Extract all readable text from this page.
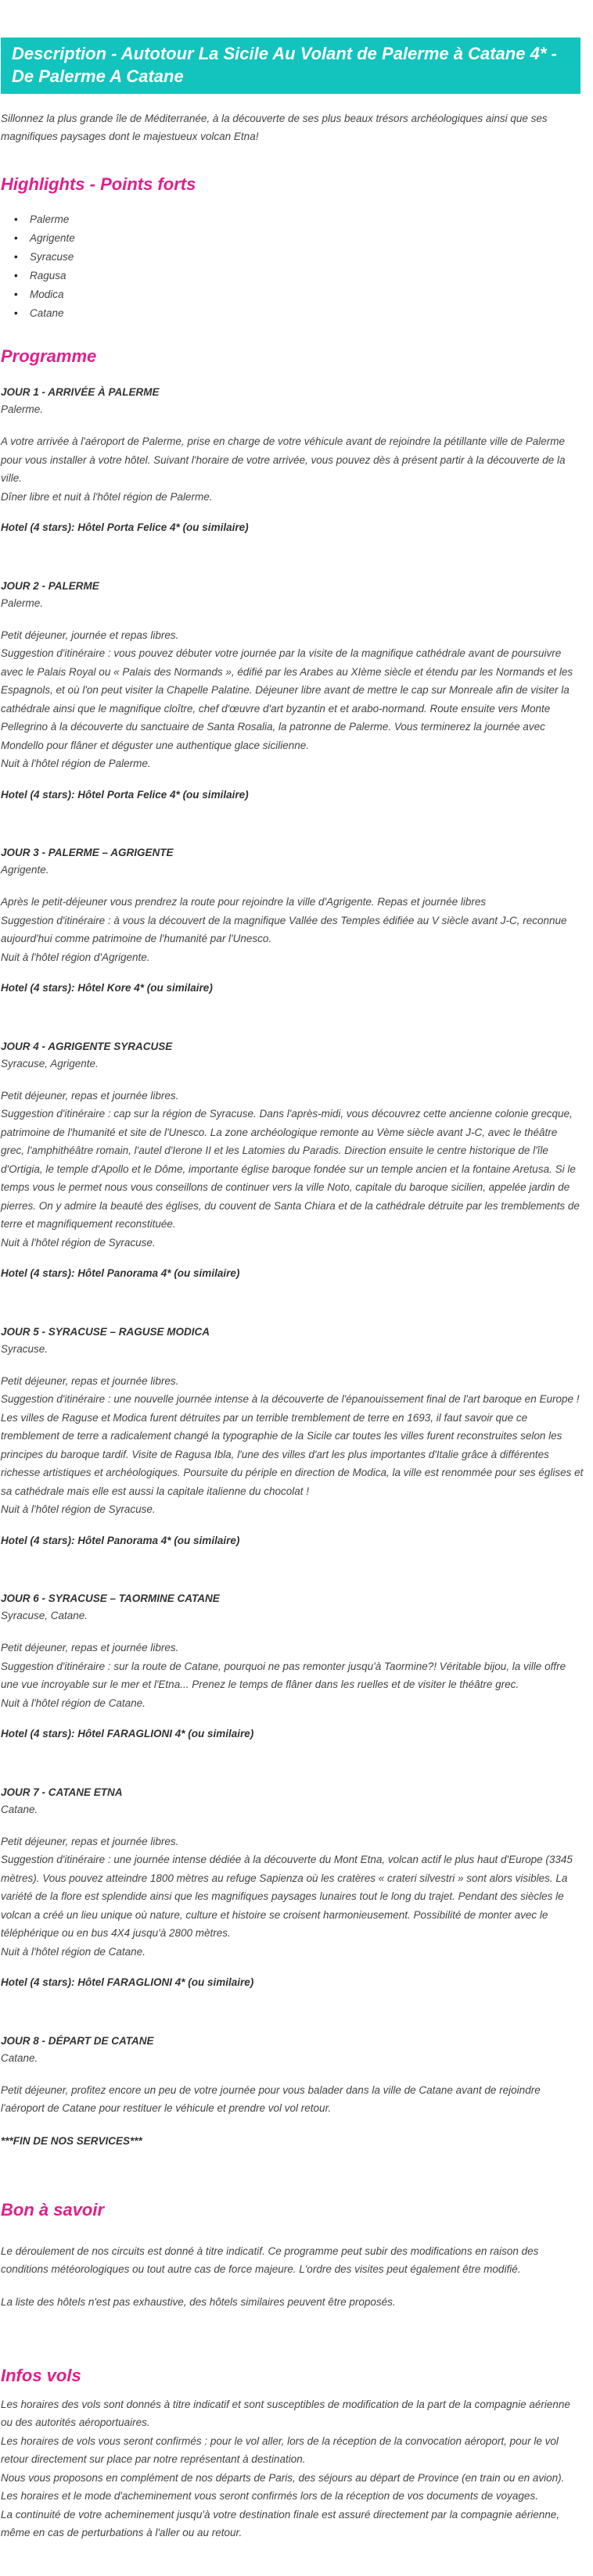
Description - Autotour La Sicile Au Volant de Palerme à Catane 4* - De Palerme A Catane
Sillonnez la plus grande île de Méditerranée, à la découverte de ses plus beaux trésors archéologiques ainsi que ses magnifiques paysages dont le majestueux volcan Etna!
Highlights - Points forts
• Palerme
• Agrigente
• Syracuse
• Ragusa
• Modica
• Catane
Programme
JOUR 1 - ARRIVÉE À PALERME
Palerme.

A votre arrivée à l'aéroport de Palerme, prise en charge de votre véhicule avant de rejoindre la pétillante ville de Palerme pour vous installer à votre hôtel. Suivant l'horaire de votre arrivée, vous pouvez dès à présent partir à la découverte de la ville.

Dîner libre et nuit à l'hôtel région de Palerme.

Hotel (4 stars): Hôtel Porta Felice 4* (ou similaire)

JOUR 2 - PALERME
Palerme.

Petit déjeuner, journée et repas libres.

Suggestion d'itinéraire : vous pouvez débuter votre journée par la visite de la magnifique cathédrale avant de poursuivre avec le Palais Royal ou « Palais des Normands », édifié par les Arabes au XIème siècle et étendu par les Normands et les Espagnols, et où l'on peut visiter la Chapelle Palatine. Déjeuner libre avant de mettre le cap sur Monreale afin de visiter la cathédrale ainsi que le magnifique cloître, chef d'œuvre d'art byzantin et et arabo-normand. Route ensuite vers Monte Pellegrino à la découverte du sanctuaire de Santa Rosalia, la patronne de Palerme. Vous terminerez la journée avec Mondello pour flâner et déguster une authentique glace sicilienne.

Nuit à l'hôtel région de Palerme.

Hotel (4 stars): Hôtel Porta Felice 4* (ou similaire)

JOUR 3 - PALERME – AGRIGENTE
Agrigente.

Après le petit-déjeuner vous prendrez la route pour rejoindre la ville d'Agrigente. Repas et journée libres

Suggestion d'itinéraire : à vous la découvert de la magnifique Vallée des Temples édifiée au V siècle avant J-C, reconnue aujourd'hui comme patrimoine de l'humanité par l'Unesco.

Nuit à l'hôtel région d'Agrigente.

Hotel (4 stars): Hôtel Kore 4* (ou similaire)

JOUR 4 - AGRIGENTE SYRACUSE
Syracuse, Agrigente.

Petit déjeuner, repas et journée libres.

Suggestion d'itinéraire : cap sur la région de Syracuse. Dans l'après-midi, vous découvrez cette ancienne colonie grecque, patrimoine de l'humanité et site de l'Unesco. La zone archéologique remonte au Vème siècle avant J-C, avec le théâtre grec, l'amphithéâtre romain, l'autel d'Ierone II et les Latomies du Paradis. Direction ensuite le centre historique de l'île d'Ortigia, le temple d'Apollo et le Dôme, importante église baroque fondée sur un temple ancien et la fontaine Aretusa. Si le temps vous le permet nous vous conseillons de continuer vers la ville Noto, capitale du baroque sicilien, appelée jardin de pierres. On y admire la beauté des églises, du couvent de Santa Chiara et de la cathédrale détruite par les tremblements de terre et magnifiquement reconstituée.

Nuit à l'hôtel région de Syracuse.

Hotel (4 stars): Hôtel Panorama 4* (ou similaire)

JOUR 5 - SYRACUSE – RAGUSE MODICA
Syracuse.

Petit déjeuner, repas et journée libres.

Suggestion d'itinéraire : une nouvelle journée intense à la découverte de l'épanouissement final de l'art baroque en Europe ! Les villes de Raguse et Modica furent détruites par un terrible tremblement de terre en 1693, il faut savoir que ce tremblement de terre a radicalement changé la typographie de la Sicile car toutes les villes furent reconstruites selon les principes du baroque tardif. Visite de Ragusa Ibla, l'une des villes d'art les plus importantes d'Italie grâce à différentes richesse artistiques et archéologiques. Poursuite du périple en direction de Modica, la ville est renommée pour ses églises et sa cathédrale mais elle est aussi la capitale italienne du chocolat !

Nuit à l'hôtel région de Syracuse.

Hotel (4 stars): Hôtel Panorama 4* (ou similaire)

JOUR 6 - SYRACUSE – TAORMINE CATANE
Syracuse, Catane.

Petit déjeuner, repas et journée libres.

Suggestion d'itinéraire : sur la route de Catane, pourquoi ne pas remonter jusqu'à Taormine?! Véritable bijou, la ville offre une vue incroyable sur le mer et l'Etna... Prenez le temps de flâner dans les ruelles et de visiter le théâtre grec.

Nuit à l'hôtel région de Catane.

Hotel (4 stars): Hôtel FARAGLIONI 4* (ou similaire)

JOUR 7 - CATANE ETNA
Catane.

Petit déjeuner, repas et journée libres.

Suggestion d'itinéraire : une journée intense dédiée à la découverte du Mont Etna, volcan actif le plus haut d'Europe (3345 mètres). Vous pouvez atteindre 1800 mètres au refuge Sapienza où les cratères « crateri silvestri » sont alors visibles. La variété de la flore est splendide ainsi que les magnifiques paysages lunaires tout le long du trajet. Pendant des siècles le volcan a créé un lieu unique où nature, culture et histoire se croisent harmonieusement. Possibilité de monter avec le téléphérique ou en bus 4X4 jusqu'à 2800 mètres.

Nuit à l'hôtel région de Catane.

Hotel (4 stars): Hôtel FARAGLIONI 4* (ou similaire)

JOUR 8 - DÉPART DE CATANE
Catane.

Petit déjeuner, profitez encore un peu de votre journée pour vous balader dans la ville de Catane avant de rejoindre l'aéroport de Catane pour restituer le véhicule et prendre vol vol retour.

***FIN DE NOS SERVICES***
Bon à savoir
Le déroulement de nos circuits est donné à titre indicatif. Ce programme peut subir des modifications en raison des conditions météorologiques ou tout autre cas de force majeure. L'ordre des visites peut également être modifié.
La liste des hôtels n'est pas exhaustive, des hôtels similaires peuvent être proposés.
Infos vols

Les horaires des vols sont donnés à titre indicatif et sont susceptibles de modification de la part de la compagnie aérienne ou des autorités aéroportuaires.

Les horaires de vols vous seront confirmés : pour le vol aller, lors de la réception de la convocation aéroport, pour le vol retour directement sur place par notre représentant à destination.

Nous vous proposons en complément de nos départs de Paris, des séjours au départ de Province (en train ou en avion).

Les horaires et le mode d'acheminement vous seront confirmés lors de la réception de vos documents de voyages.

La continuité de votre acheminement jusqu'à votre destination finale est assuré directement par la compagnie aérienne, même en cas de perturbations à l'aller ou au retour.
